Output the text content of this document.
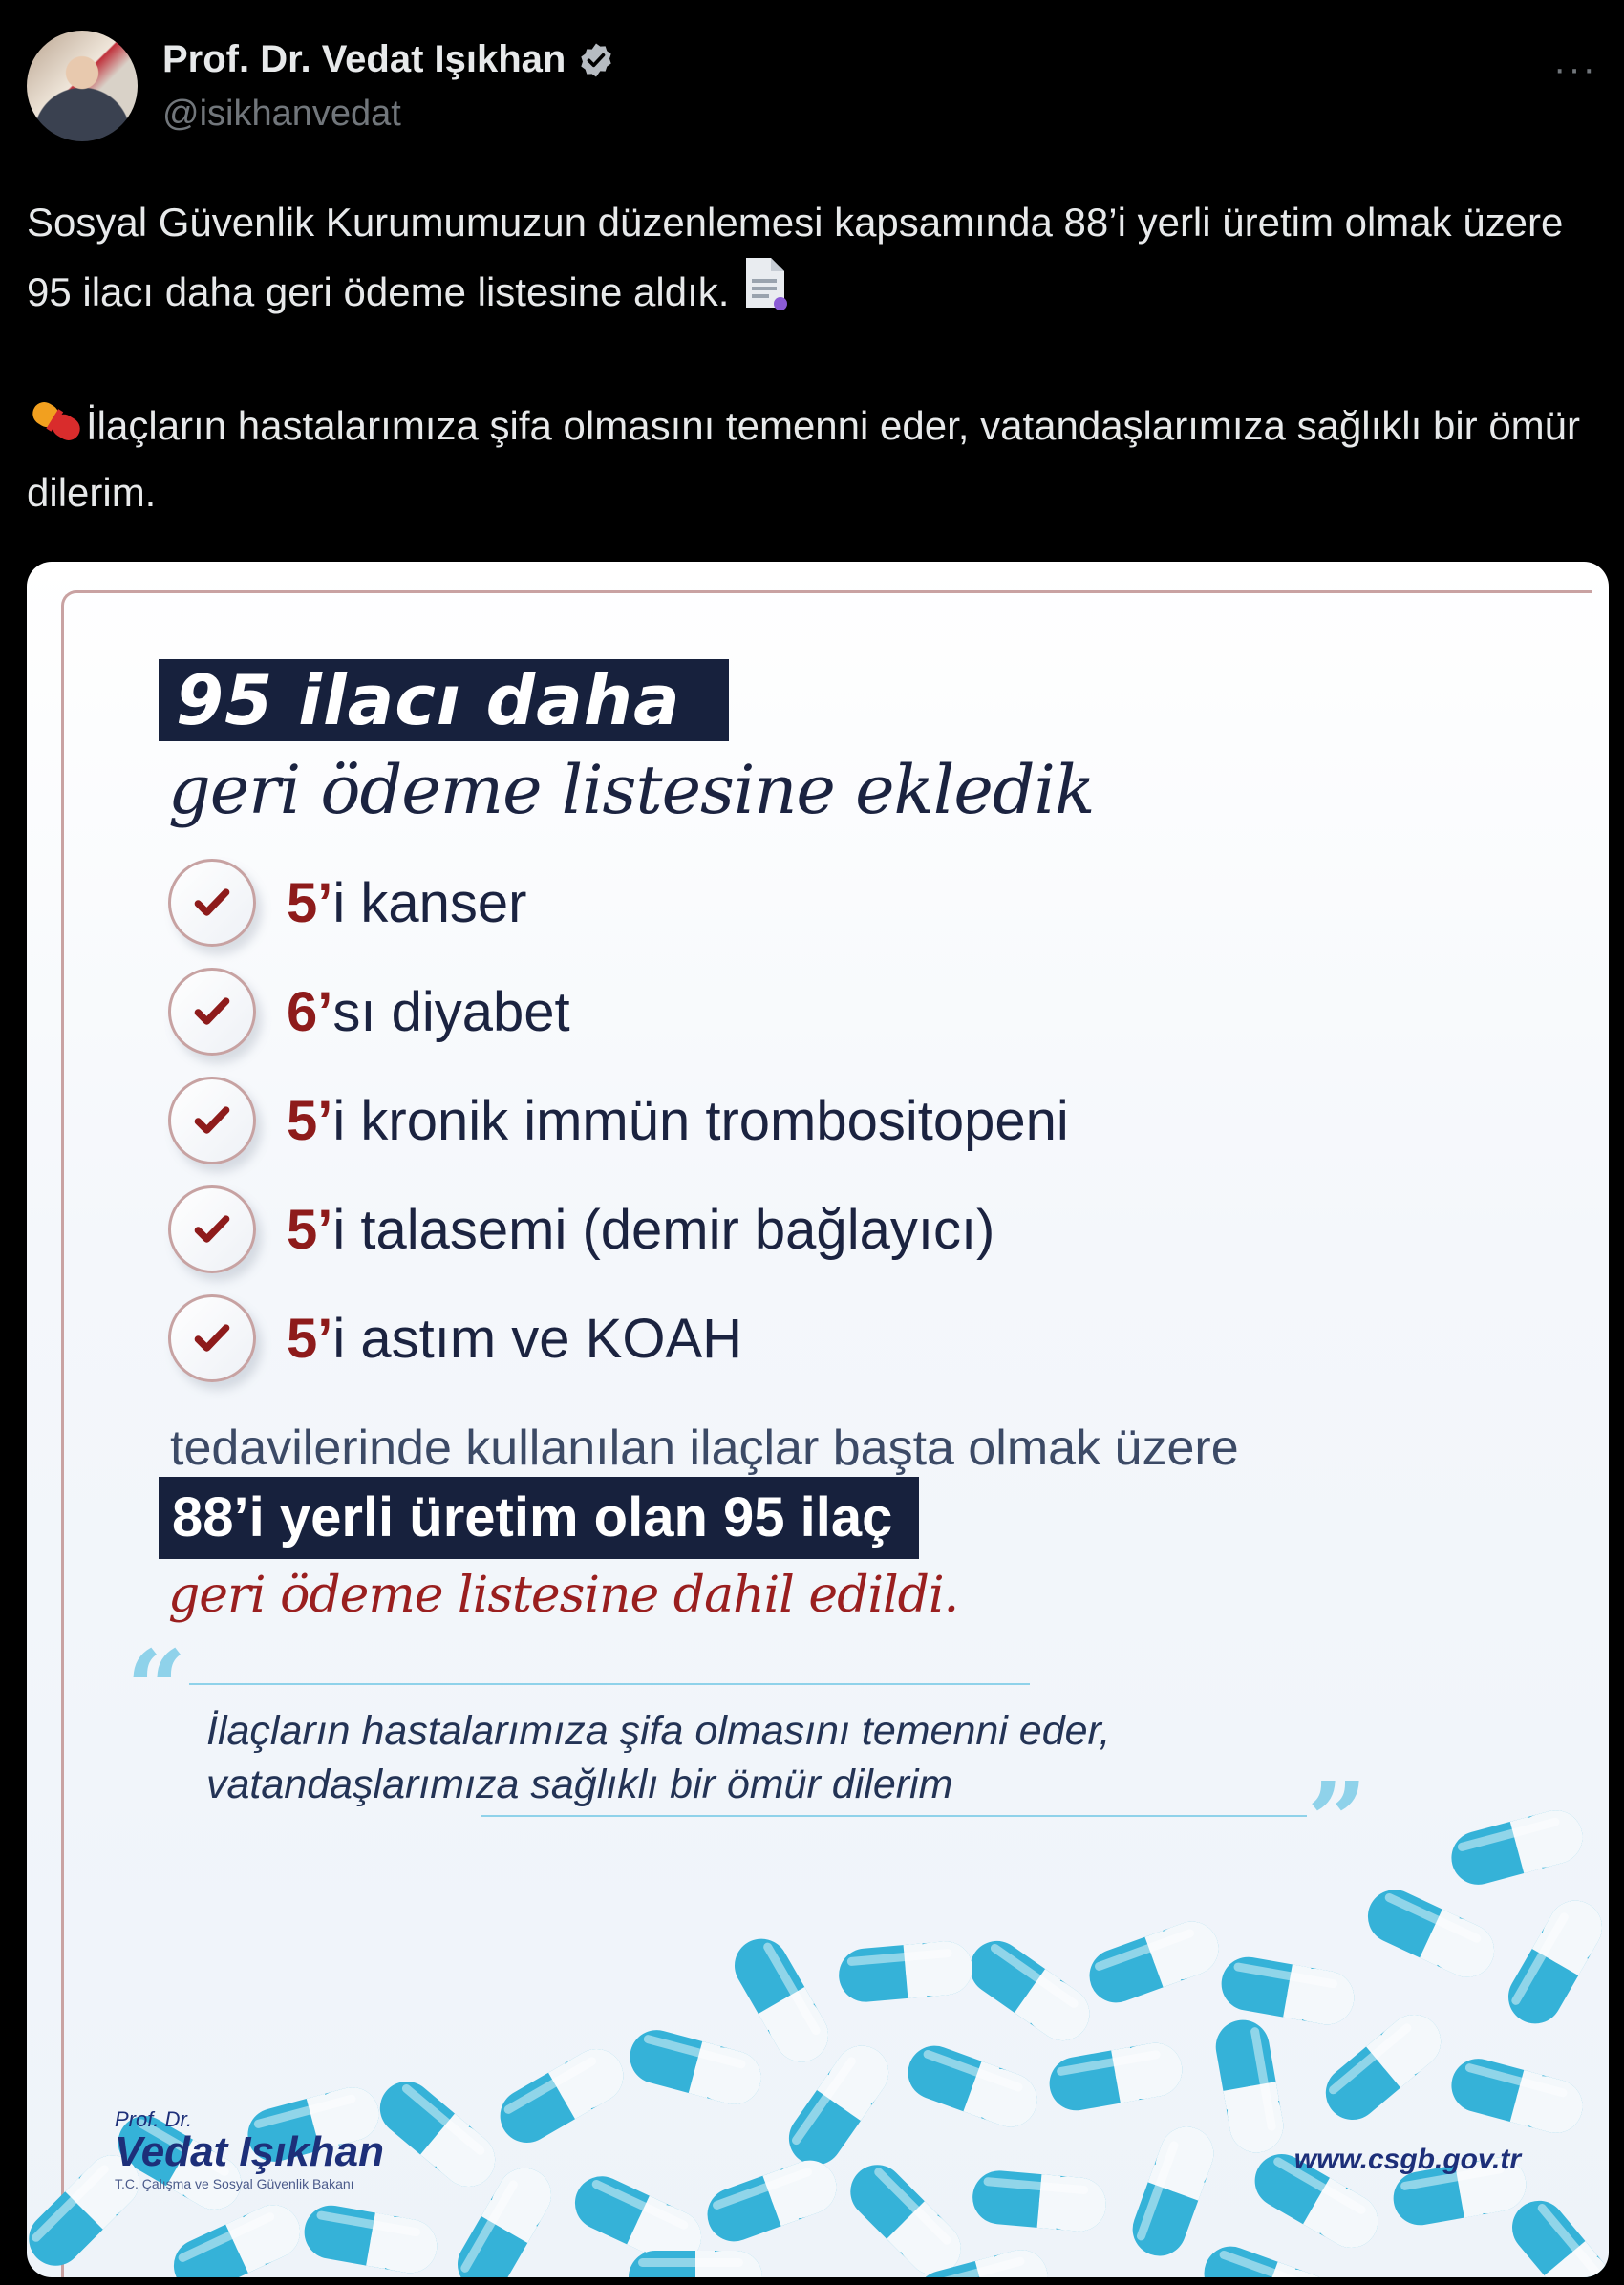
Prof. Dr. Vedat Işıkhan
@isikhanvedat
···

Sosyal Güvenlik Kurumumuzun düzenlemesi kapsamında 88’i yerli üretim olmak üzere 95 ilacı daha geri ödeme listesine aldık.

İlaçların hastalarımıza şifa olmasını temenni eder, vatandaşlarımıza sağlıklı bir ömür dilerim.

95 ilacı daha
geri ödeme listesine ekledik
5’i kanser
6’sı diyabet
5’i kronik immün trombositopeni
5’i talasemi (demir bağlayıcı)
5’i astım ve KOAH
tedavilerinde kullanılan ilaçlar başta olmak üzere
88’i yerli üretim olan 95 ilaç
geri ödeme listesine dahil edildi.
“ İlaçların hastalarımıza şifa olmasını temenni eder,
vatandaşlarımıza sağlıklı bir ömür dilerim	”
Prof. Dr.
Vedat Işıkhan
T.C. Çalışma ve Sosyal Güvenlik Bakanı
www.csgb.gov.tr
